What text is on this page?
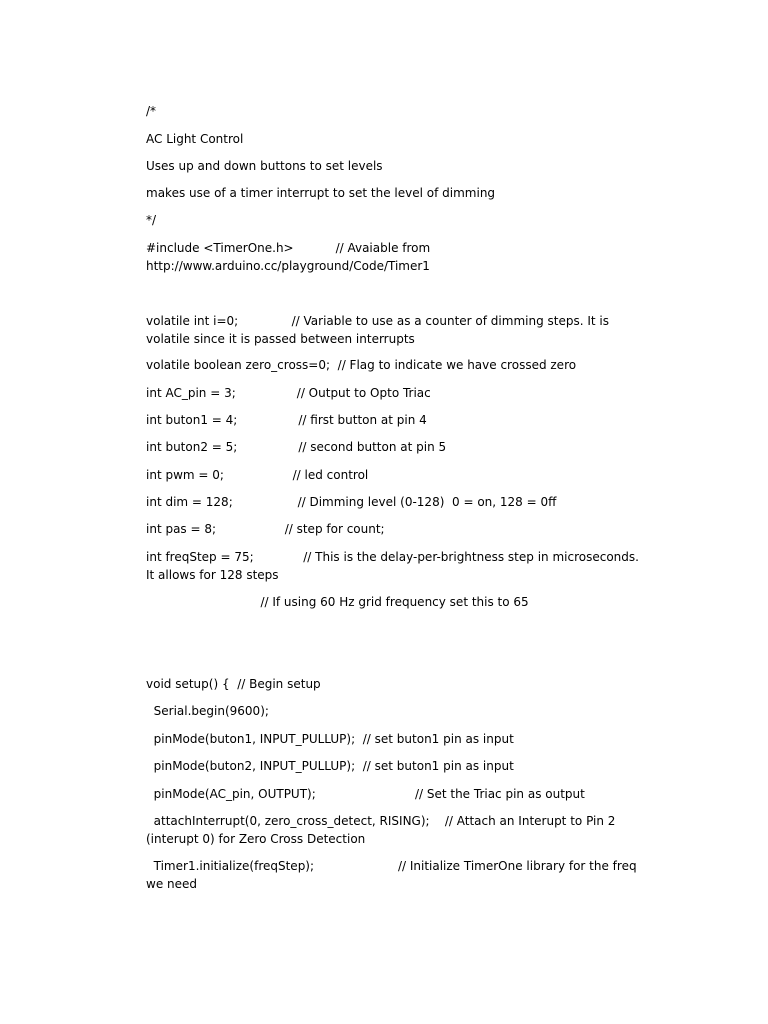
/*

AC Light Control

Uses up and down buttons to set levels

makes use of a timer interrupt to set the level of dimming

*/

#include <TimerOne.h>           // Avaiable from http://www.arduino.cc/playground/Code/Timer1

volatile int i=0;              // Variable to use as a counter of dimming steps. It is volatile since it is passed between interrupts

volatile boolean zero_cross=0;  // Flag to indicate we have crossed zero

int AC_pin = 3;                // Output to Opto Triac

int buton1 = 4;                // first button at pin 4

int buton2 = 5;                // second button at pin 5

int pwm = 0;                  // led control

int dim = 128;                 // Dimming level (0-128)  0 = on, 128 = 0ff

int pas = 8;                  // step for count;

int freqStep = 75;             // This is the delay-per-brightness step in microseconds. It allows for 128 steps

// If using 60 Hz grid frequency set this to 65

void setup() {  // Begin setup

Serial.begin(9600);

pinMode(buton1, INPUT_PULLUP);  // set buton1 pin as input

pinMode(buton2, INPUT_PULLUP);  // set buton1 pin as input

pinMode(AC_pin, OUTPUT);                          // Set the Triac pin as output

attachInterrupt(0, zero_cross_detect, RISING);    // Attach an Interupt to Pin 2 (interupt 0) for Zero Cross Detection

Timer1.initialize(freqStep);                      // Initialize TimerOne library for the freq we need
